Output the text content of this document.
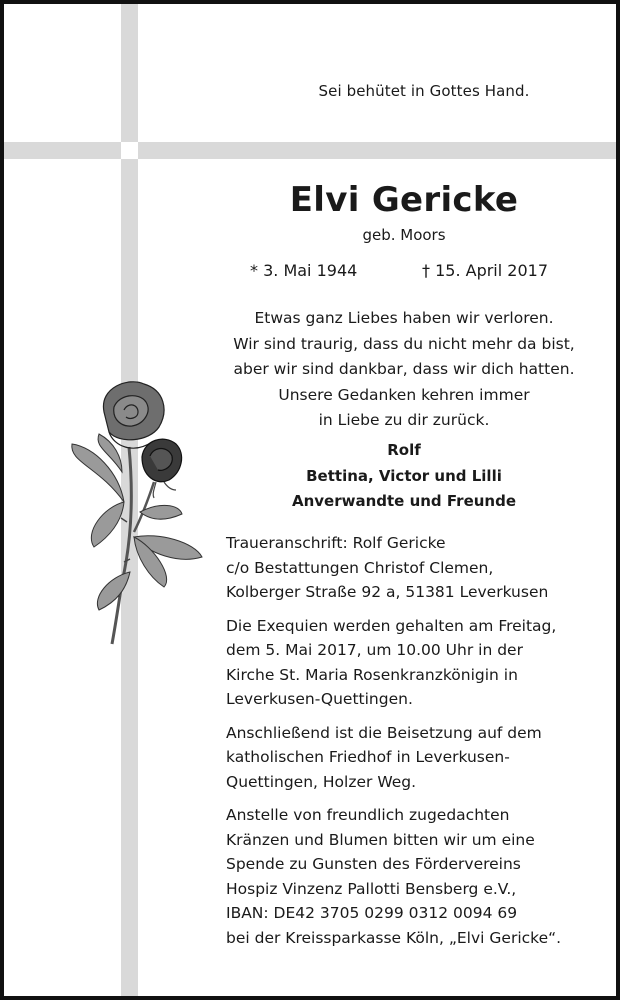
Sei behütet in Gottes Hand.
Elvi Gericke
geb. Moors
* 3. Mai 1944	† 15. April 2017
Etwas ganz Liebes haben wir verloren.
Wir sind traurig, dass du nicht mehr da bist,
aber wir sind dankbar, dass wir dich hatten.
Unsere Gedanken kehren immer
in Liebe zu dir zurück.
Rolf
Bettina, Victor und Lilli
Anverwandte und Freunde
Traueranschrift: Rolf Gericke
c/o Bestattungen Christof Clemen,
Kolberger Straße 92 a, 51381 Leverkusen
Die Exequien werden gehalten am Freitag,
dem 5. Mai 2017, um 10.00 Uhr in der
Kirche St. Maria Rosenkranzkönigin in
Leverkusen-Quettingen.
Anschließend ist die Beisetzung auf dem
katholischen Friedhof in Leverkusen-
Quettingen, Holzer Weg.
Anstelle von freundlich zugedachten
Kränzen und Blumen bitten wir um eine
Spende zu Gunsten des Fördervereins
Hospiz Vinzenz Pallotti Bensberg e.V.,
IBAN: DE42 3705 0299 0312 0094 69
bei der Kreissparkasse Köln, „Elvi Gericke“.
